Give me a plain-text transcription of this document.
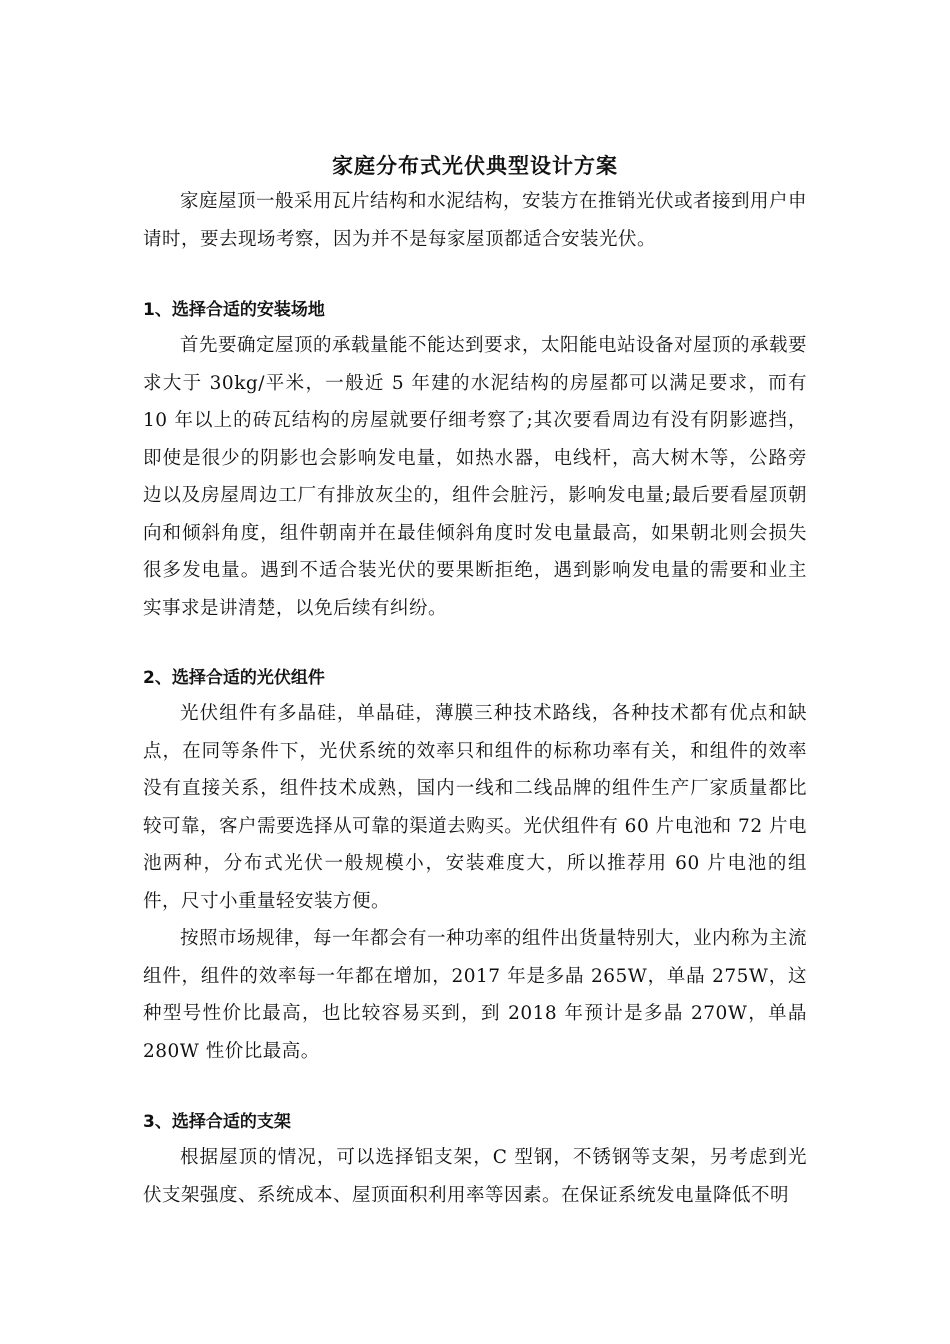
家庭分布式光伏典型设计方案

家庭屋顶一般采用瓦片结构和水泥结构，安装方在推销光伏或者接到用户申请时，要去现场考察，因为并不是每家屋顶都适合安装光伏。

1、选择合适的安装场地

首先要确定屋顶的承载量能不能达到要求，太阳能电站设备对屋顶的承载要求大于 30kg/平米，一般近 5 年建的水泥结构的房屋都可以满足要求，而有 10 年以上的砖瓦结构的房屋就要仔细考察了;其次要看周边有没有阴影遮挡，即使是很少的阴影也会影响发电量，如热水器，电线杆，高大树木等，公路旁边以及房屋周边工厂有排放灰尘的，组件会脏污，影响发电量;最后要看屋顶朝向和倾斜角度，组件朝南并在最佳倾斜角度时发电量最高，如果朝北则会损失很多发电量。遇到不适合装光伏的要果断拒绝，遇到影响发电量的需要和业主实事求是讲清楚，以免后续有纠纷。

2、选择合适的光伏组件

光伏组件有多晶硅，单晶硅，薄膜三种技术路线，各种技术都有优点和缺点，在同等条件下，光伏系统的效率只和组件的标称功率有关，和组件的效率没有直接关系，组件技术成熟，国内一线和二线品牌的组件生产厂家质量都比较可靠，客户需要选择从可靠的渠道去购买。光伏组件有 60 片电池和 72 片电池两种，分布式光伏一般规模小，安装难度大，所以推荐用 60 片电池的组件，尺寸小重量轻安装方便。

按照市场规律，每一年都会有一种功率的组件出货量特别大，业内称为主流组件，组件的效率每一年都在增加，2017 年是多晶 265W，单晶 275W，这种型号性价比最高，也比较容易买到，到 2018 年预计是多晶 270W，单晶 280W 性价比最高。

3、选择合适的支架

根据屋顶的情况，可以选择铝支架，C 型钢，不锈钢等支架，另考虑到光伏支架强度、系统成本、屋顶面积利用率等因素。在保证系统发电量降低不明
